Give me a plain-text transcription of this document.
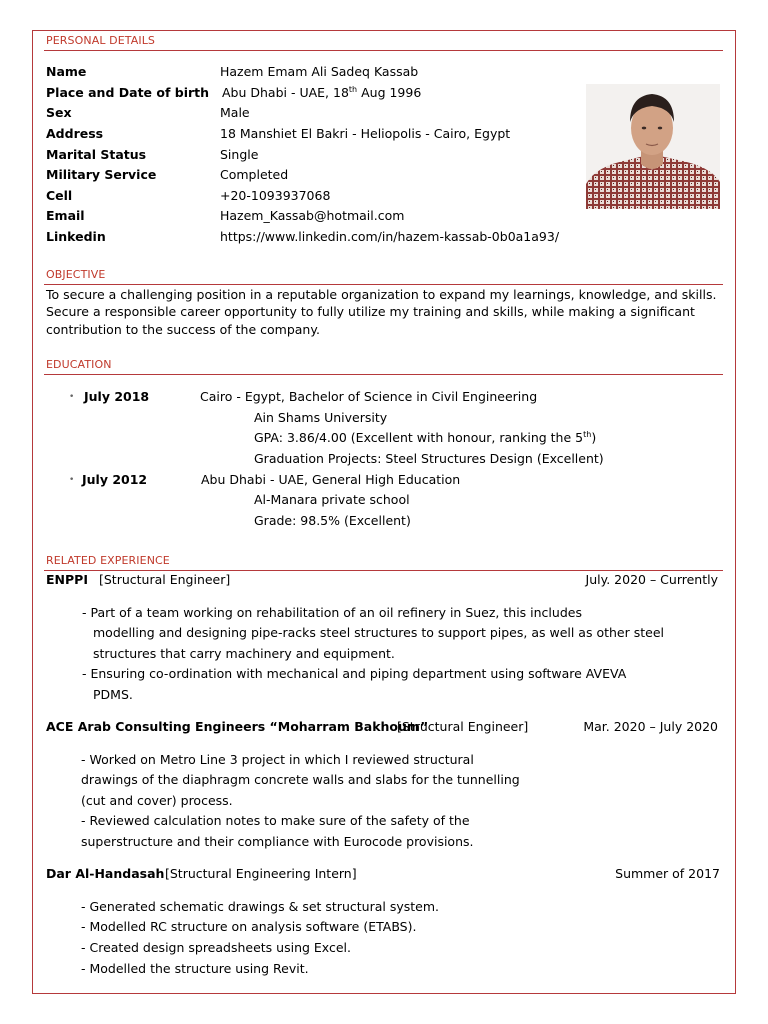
PERSONAL DETAILS
Name	Hazem Emam Ali Sadeq Kassab
Place and Date of birth Abu Dhabi - UAE, 18th Aug 1996
Sex	Male
Address	18 Manshiet El Bakri - Heliopolis - Cairo, Egypt
Marital Status	Single
Military Service	Completed
Cell	+20-1093937068
Email	Hazem_Kassab@hotmail.com
Linkedin	https://www.linkedin.com/in/hazem-kassab-0b0a1a93/
OBJECTIVE
To secure a challenging position in a reputable organization to expand my learnings, knowledge, and skills.
Secure a responsible career opportunity to fully utilize my training and skills, while making a significant
contribution to the success of the company.
EDUCATION
• July 2018	Cairo - Egypt, Bachelor of Science in Civil Engineering
Ain Shams University
GPA: 3.86/4.00 (Excellent with honour, ranking the 5th)
Graduation Projects: Steel Structures Design (Excellent)
• July 2012	Abu Dhabi - UAE, General High Education
Al-Manara private school
Grade: 98.5% (Excellent)
RELATED EXPERIENCE
ENPPI [Structural Engineer]	July. 2020 – Currently
- Part of a team working on rehabilitation of an oil refinery in Suez, this includes
modelling and designing pipe-racks steel structures to support pipes, as well as other steel
structures that carry machinery and equipment.
- Ensuring co-ordination with mechanical and piping department using software AVEVA
PDMS.
ACE Arab Consulting Engineers “Moharram Bakhoum”
[Structural Engineer]	Mar. 2020 – July 2020
- Worked on Metro Line 3 project in which I reviewed structural
drawings of the diaphragm concrete walls and slabs for the tunnelling
(cut and cover) process.
- Reviewed calculation notes to make sure of the safety of the
superstructure and their compliance with Eurocode provisions.
Dar Al-Handasah [Structural Engineering Intern]	Summer of 2017
- Generated schematic drawings & set structural system.
- Modelled RC structure on analysis software (ETABS).
- Created design spreadsheets using Excel.
- Modelled the structure using Revit.
